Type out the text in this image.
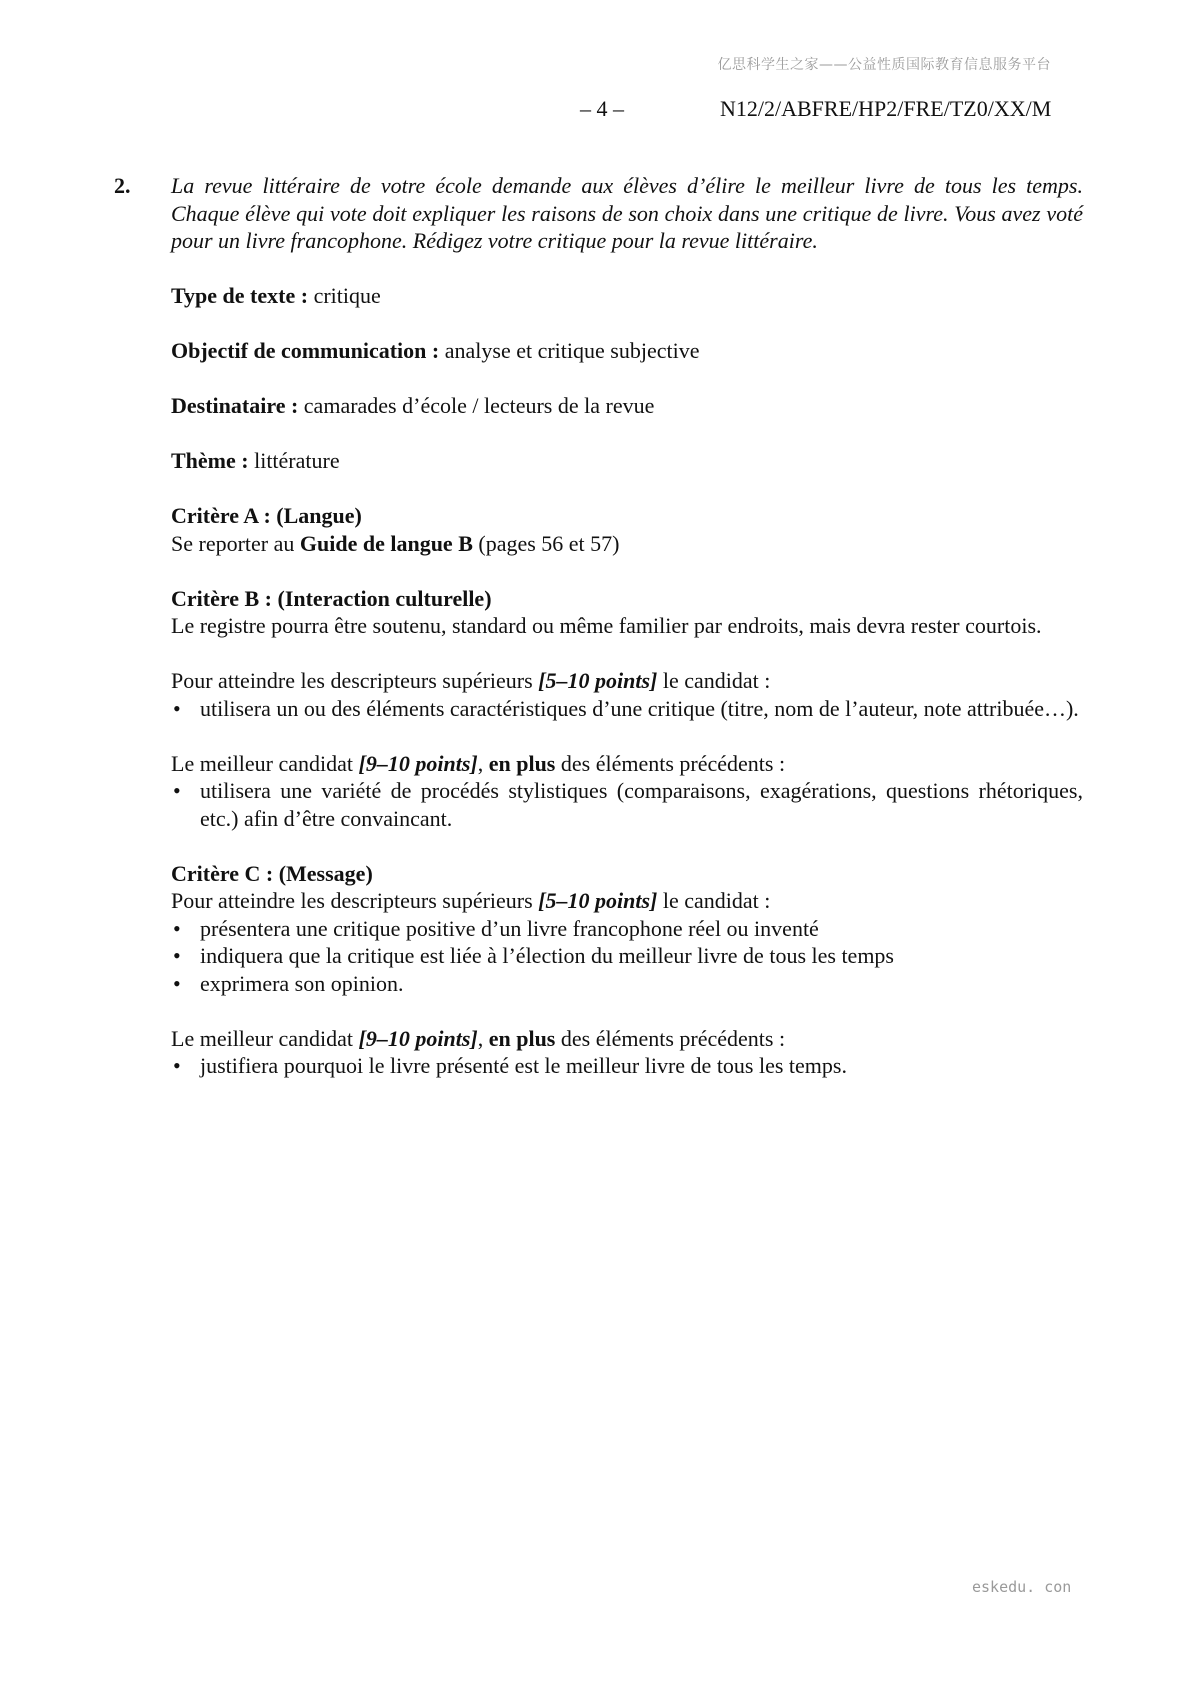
亿思科学生之家——公益性质国际教育信息服务平台
– 4 –	N12/2/ABFRE/HP2/FRE/TZ0/XX/M
2. La revue littéraire de votre école demande aux élèves d’élire le meilleur livre de tous les temps. Chaque élève qui vote doit expliquer les raisons de son choix dans une critique de livre. Vous avez voté pour un livre francophone. Rédigez votre critique pour la revue littéraire.

Type de texte : critique

Objectif de communication : analyse et critique subjective

Destinataire : camarades d’école / lecteurs de la revue

Thème : littérature

Critère A : (Langue)

Se reporter au Guide de langue B (pages 56 et 57)

Critère B : (Interaction culturelle)

Le registre pourra être soutenu, standard ou même familier par endroits, mais devra rester courtois.

Pour atteindre les descripteurs supérieurs [5–10 points] le candidat :

• utilisera un ou des éléments caractéristiques d’une critique (titre, nom de l’auteur, note attribuée…).

Le meilleur candidat [9–10 points], en plus des éléments précédents :

• utilisera une variété de procédés stylistiques (comparaisons, exagérations, questions rhétoriques, etc.) afin d’être convaincant.

Critère C : (Message)

Pour atteindre les descripteurs supérieurs [5–10 points] le candidat :

• présentera une critique positive d’un livre francophone réel ou inventé
• indiquera que la critique est liée à l’élection du meilleur livre de tous les temps
• exprimera son opinion.

Le meilleur candidat [9–10 points], en plus des éléments précédents :

• justifiera pourquoi le livre présenté est le meilleur livre de tous les temps.
eskedu. con
